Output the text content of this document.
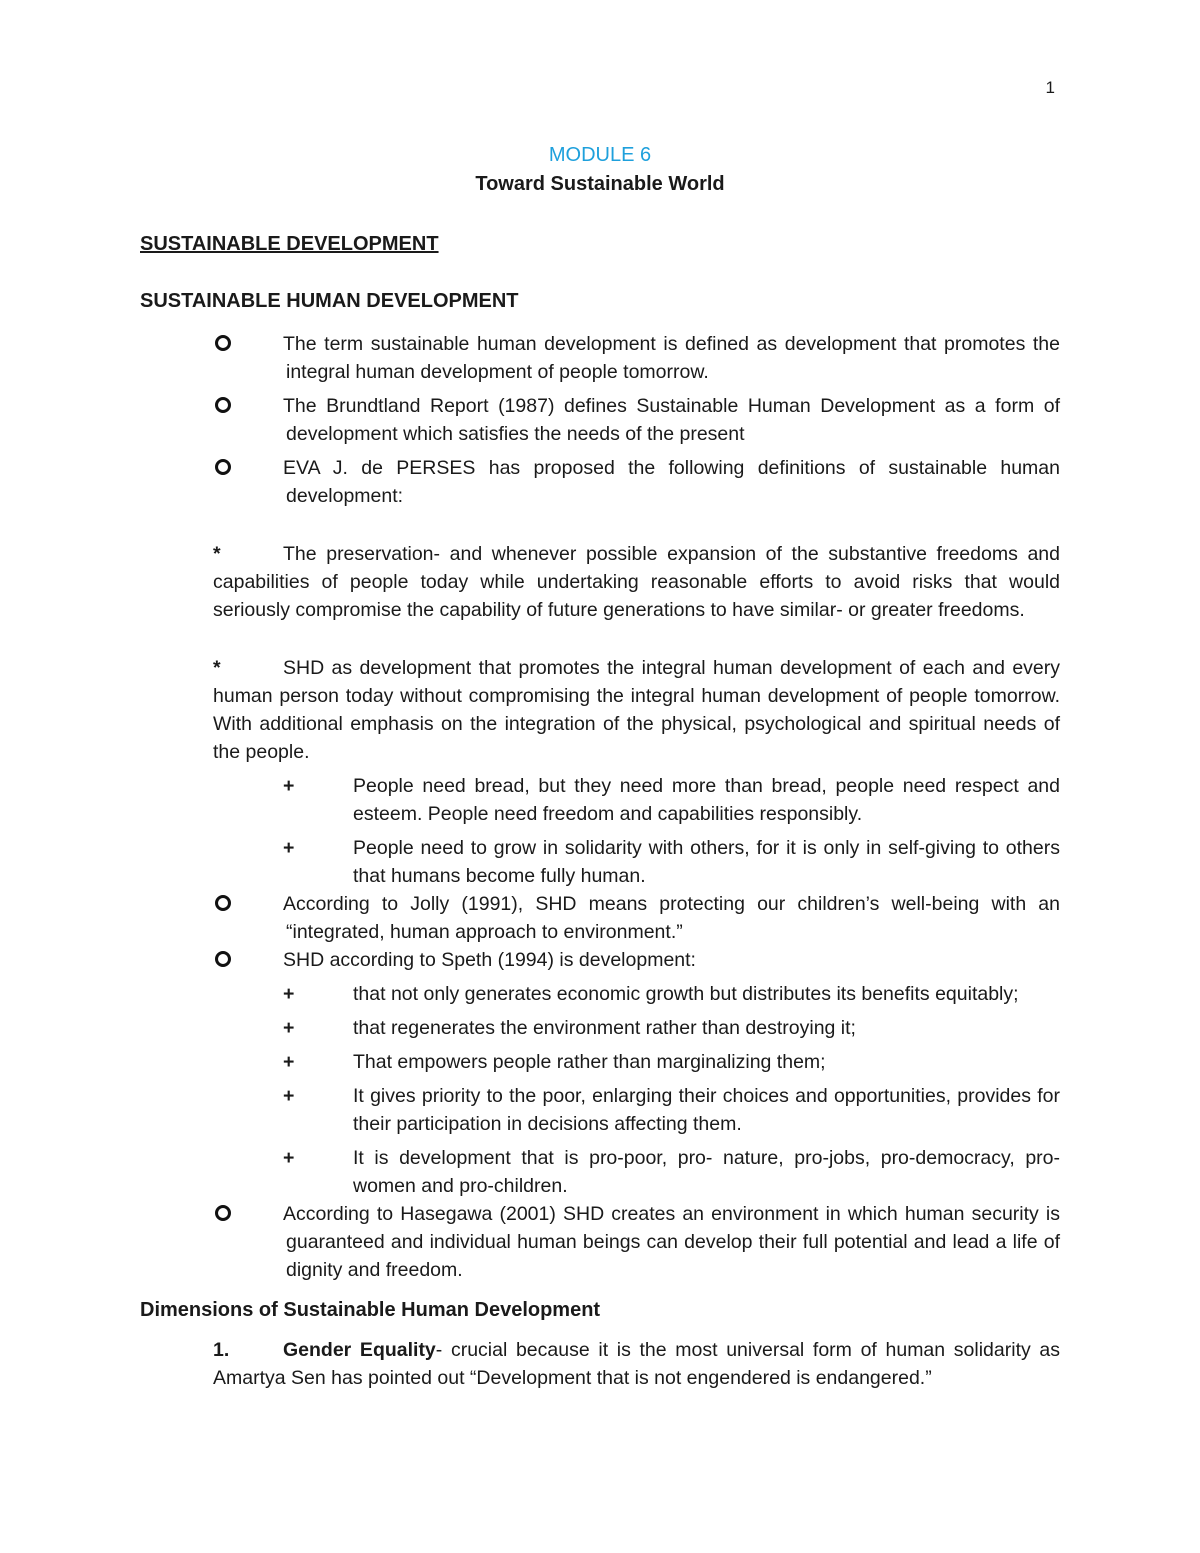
1
MODULE 6
Toward Sustainable World
SUSTAINABLE DEVELOPMENT
SUSTAINABLE HUMAN DEVELOPMENT
The term sustainable human development is defined as development that promotes the integral human development of people tomorrow.
The Brundtland Report (1987) defines Sustainable Human Development as a form of development which satisfies the needs of the present
EVA J. de PERSES has proposed the following definitions of sustainable human development:
*	The preservation- and whenever possible expansion of the substantive freedoms and capabilities of people today while undertaking reasonable efforts to avoid risks that would seriously compromise the capability of future generations to have similar- or greater freedoms.
*	SHD as development that promotes the integral human development of each and every human person today without compromising the integral human development of people tomorrow. With additional emphasis on the integration of the physical, psychological and spiritual needs of the people.
+	People need bread, but they need more than bread, people need respect and esteem. People need freedom and capabilities responsibly.
+	People need to grow in solidarity with others, for it is only in self-giving to others that humans become fully human.
According to Jolly (1991), SHD means protecting our children’s well-being with an “integrated, human approach to environment.”
SHD according to Speth (1994) is development:
+	that not only generates economic growth but distributes its benefits equitably;
+	that regenerates the environment rather than destroying it;
+	That empowers people rather than marginalizing them;
+	It gives priority to the poor, enlarging their choices and opportunities, provides for their participation in decisions affecting them.
+	It is development that is pro-poor, pro- nature, pro-jobs, pro-democracy, pro-women and pro-children.
According to Hasegawa (2001) SHD creates an environment in which human security is guaranteed and individual human beings can develop their full potential and lead a life of dignity and freedom.
Dimensions of Sustainable Human Development
1.	Gender Equality- crucial because it is the most universal form of human solidarity as Amartya Sen has pointed out “Development that is not engendered is endangered.”
